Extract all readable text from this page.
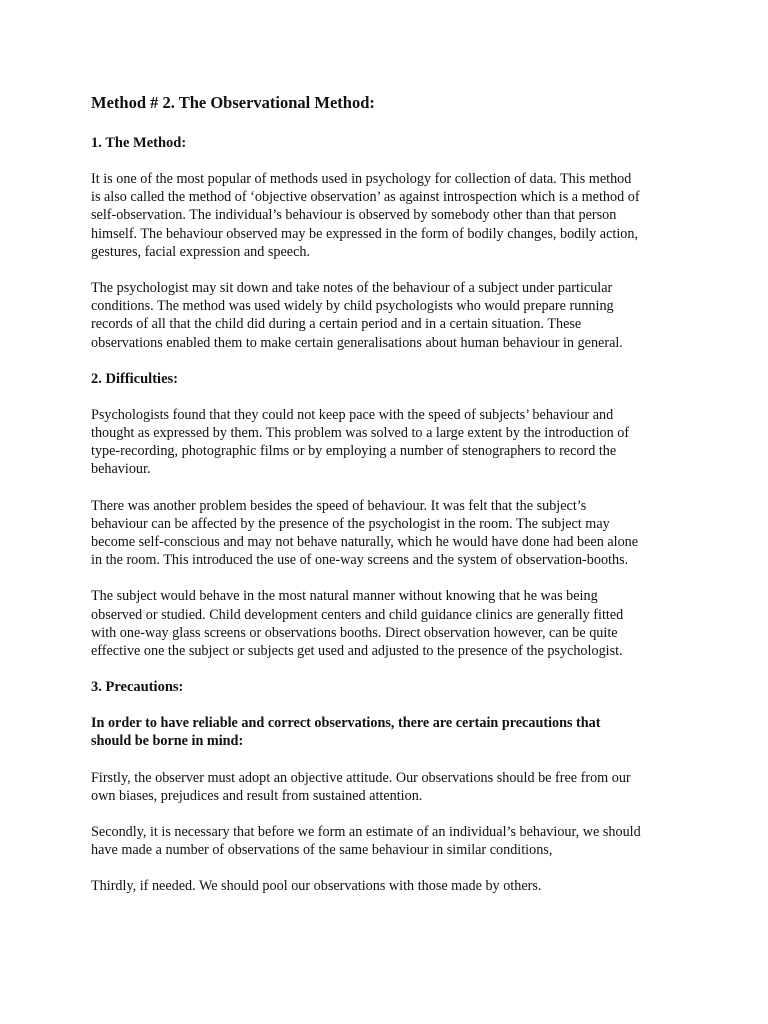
Method # 2. The Observational Method:
1. The Method:
It is one of the most popular of methods used in psychology for collection of data. This method
is also called the method of ‘objective observation’ as against introspection which is a method of
self-observation. The individual’s behaviour is observed by somebody other than that person
himself. The behaviour observed may be expressed in the form of bodily changes, bodily action,
gestures, facial expression and speech.
The psychologist may sit down and take notes of the behaviour of a subject under particular
conditions. The method was used widely by child psychologists who would prepare running
records of all that the child did during a certain period and in a certain situation. These
observations enabled them to make certain generalisations about human behaviour in general.
2. Difficulties:
Psychologists found that they could not keep pace with the speed of subjects’ behaviour and
thought as expressed by them. This problem was solved to a large extent by the introduction of
type-recording, photographic films or by employing a number of stenographers to record the
behaviour.
There was another problem besides the speed of behaviour. It was felt that the subject’s
behaviour can be affected by the presence of the psychologist in the room. The subject may
become self-conscious and may not behave naturally, which he would have done had been alone
in the room. This introduced the use of one-way screens and the system of observation-booths.
The subject would behave in the most natural manner without knowing that he was being
observed or studied. Child development centers and child guidance clinics are generally fitted
with one-way glass screens or observations booths. Direct observation however, can be quite
effective one the subject or subjects get used and adjusted to the presence of the psychologist.
3. Precautions:
In order to have reliable and correct observations, there are certain precautions that
should be borne in mind:
Firstly, the observer must adopt an objective attitude. Our observations should be free from our
own biases, prejudices and result from sustained attention.
Secondly, it is necessary that before we form an estimate of an individual’s behaviour, we should
have made a number of observations of the same behaviour in similar conditions,
Thirdly, if needed. We should pool our observations with those made by others.
